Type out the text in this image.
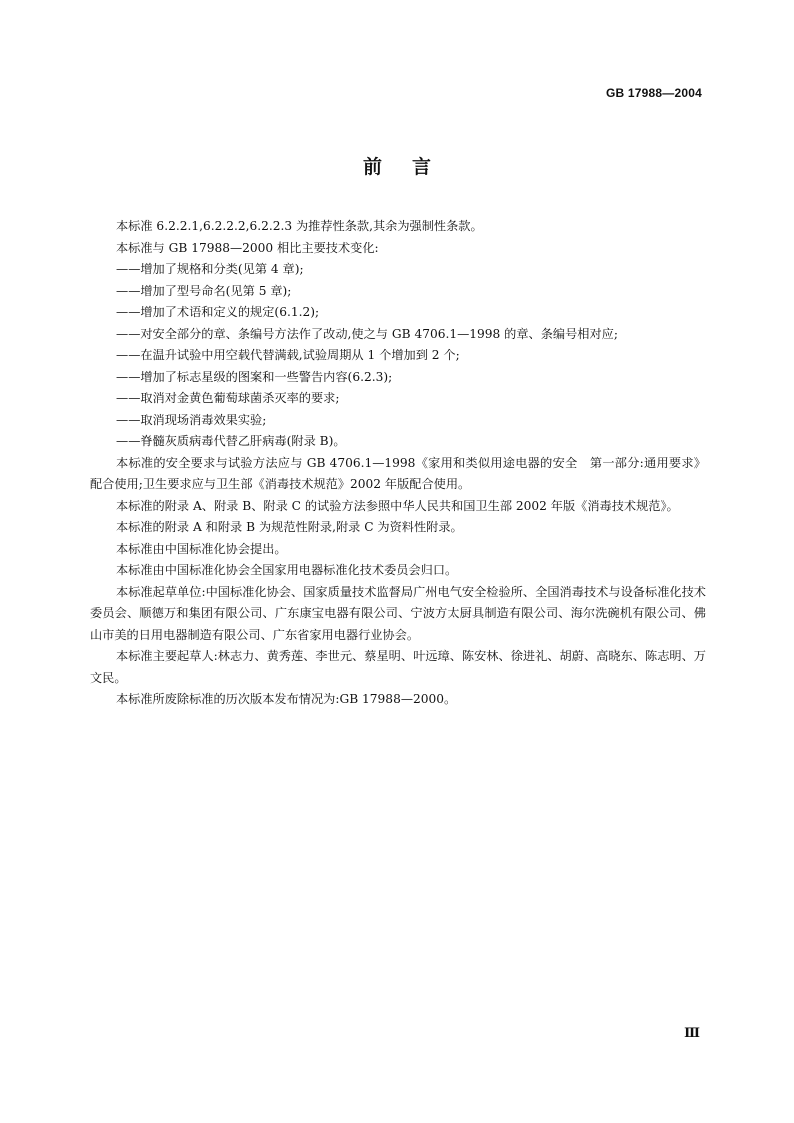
GB 17988—2004
前言

本标准 6.2.2.1,6.2.2.2,6.2.2.3 为推荐性条款,其余为强制性条款。

本标准与 GB 17988—2000 相比主要技术变化:

——增加了规格和分类(见第 4 章);

——增加了型号命名(见第 5 章);

——增加了术语和定义的规定(6.1.2);

——对安全部分的章、条编号方法作了改动,使之与 GB 4706.1—1998 的章、条编号相对应;

——在温升试验中用空载代替满载,试验周期从 1 个增加到 2 个;

——增加了标志星级的图案和一些警告内容(6.2.3);

——取消对金黄色葡萄球菌杀灭率的要求;

——取消现场消毒效果实验;

——脊髓灰质病毒代替乙肝病毒(附录 B)。

本标准的安全要求与试验方法应与 GB 4706.1—1998《家用和类似用途电器的安全　第一部分:通用要求》配合使用;卫生要求应与卫生部《消毒技术规范》2002 年版配合使用。

本标准的附录 A、附录 B、附录 C 的试验方法参照中华人民共和国卫生部 2002 年版《消毒技术规范》。

本标准的附录 A 和附录 B 为规范性附录,附录 C 为资料性附录。

本标准由中国标准化协会提出。

本标准由中国标准化协会全国家用电器标准化技术委员会归口。

本标准起草单位:中国标准化协会、国家质量技术监督局广州电气安全检验所、全国消毒技术与设备标准化技术委员会、顺德万和集团有限公司、广东康宝电器有限公司、宁波方太厨具制造有限公司、海尔洗碗机有限公司、佛山市美的日用电器制造有限公司、广东省家用电器行业协会。

本标准主要起草人:林志力、黄秀莲、李世元、蔡星明、叶远璋、陈安林、徐进礼、胡蔚、高晓东、陈志明、万文民。

本标准所废除标准的历次版本发布情况为:GB 17988—2000。

Ⅲ
